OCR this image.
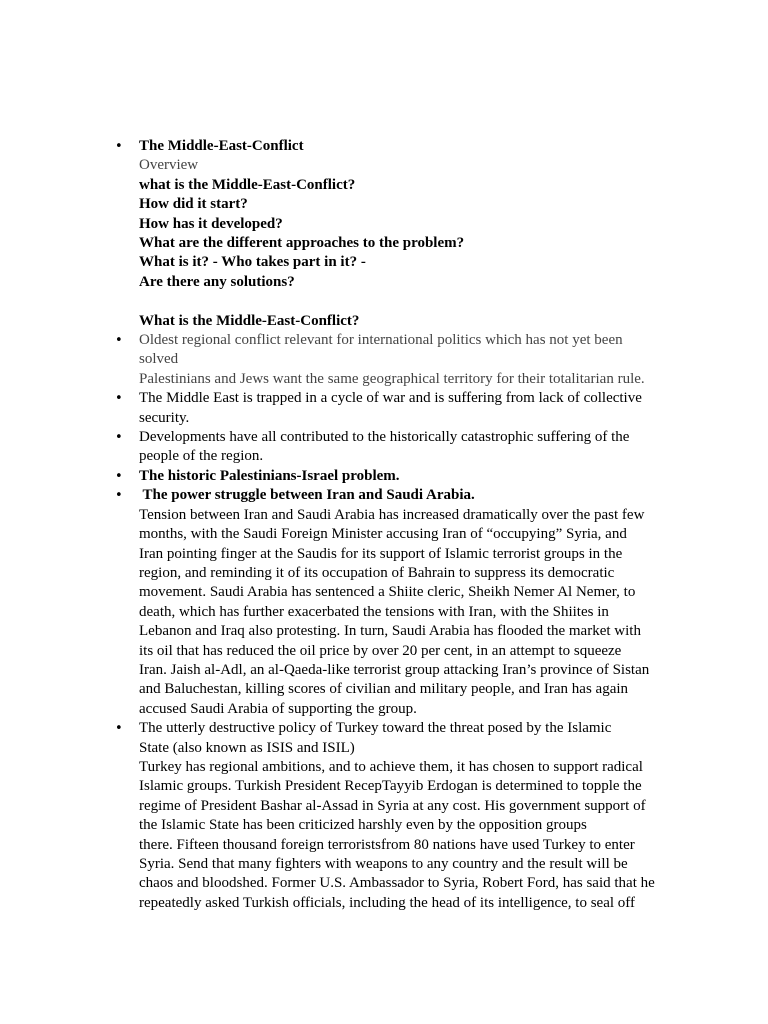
•	The Middle-East-Conflict
Overview
what is the Middle-East-Conflict?
How did it start?
How has it developed?
What are the different approaches to the problem?
What is it? - Who takes part in it? -
Are there any solutions?
What is the Middle-East-Conflict?
•	Oldest regional conflict relevant for international politics which has not yet been
solved
Palestinians and Jews want the same geographical territory for their totalitarian rule.
•	The Middle East is trapped in a cycle of war and is suffering from lack of collective
security.
•	Developments have all contributed to the historically catastrophic suffering of the
people of the region.
•	The historic Palestinians-Israel problem.
•	The power struggle between Iran and Saudi Arabia.
Tension between Iran and Saudi Arabia has increased dramatically over the past few
months, with the Saudi Foreign Minister accusing Iran of “occupying” Syria, and
Iran pointing finger at the Saudis for its support of Islamic terrorist groups in the
region, and reminding it of its occupation of Bahrain to suppress its democratic
movement. Saudi Arabia has sentenced a Shiite cleric, Sheikh Nemer Al Nemer, to
death, which has further exacerbated the tensions with Iran, with the Shiites in
Lebanon and Iraq also protesting. In turn, Saudi Arabia has flooded the market with
its oil that has reduced the oil price by over 20 per cent, in an attempt to squeeze
Iran. Jaish al-Adl, an al-Qaeda-like terrorist group attacking Iran’s province of Sistan
and Baluchestan, killing scores of civilian and military people, and Iran has again
accused Saudi Arabia of supporting the group.
•	The utterly destructive policy of Turkey toward the threat posed by the Islamic
State (also known as ISIS and ISIL)
Turkey has regional ambitions, and to achieve them, it has chosen to support radical
Islamic groups. Turkish President RecepTayyib Erdogan is determined to topple the
regime of President Bashar al-Assad in Syria at any cost. His government support of
the Islamic State has been criticized harshly even by the opposition groups
there. Fifteen thousand foreign terroristsfrom 80 nations have used Turkey to enter
Syria. Send that many fighters with weapons to any country and the result will be
chaos and bloodshed. Former U.S. Ambassador to Syria, Robert Ford, has said that he
repeatedly asked Turkish officials, including the head of its intelligence, to seal off
